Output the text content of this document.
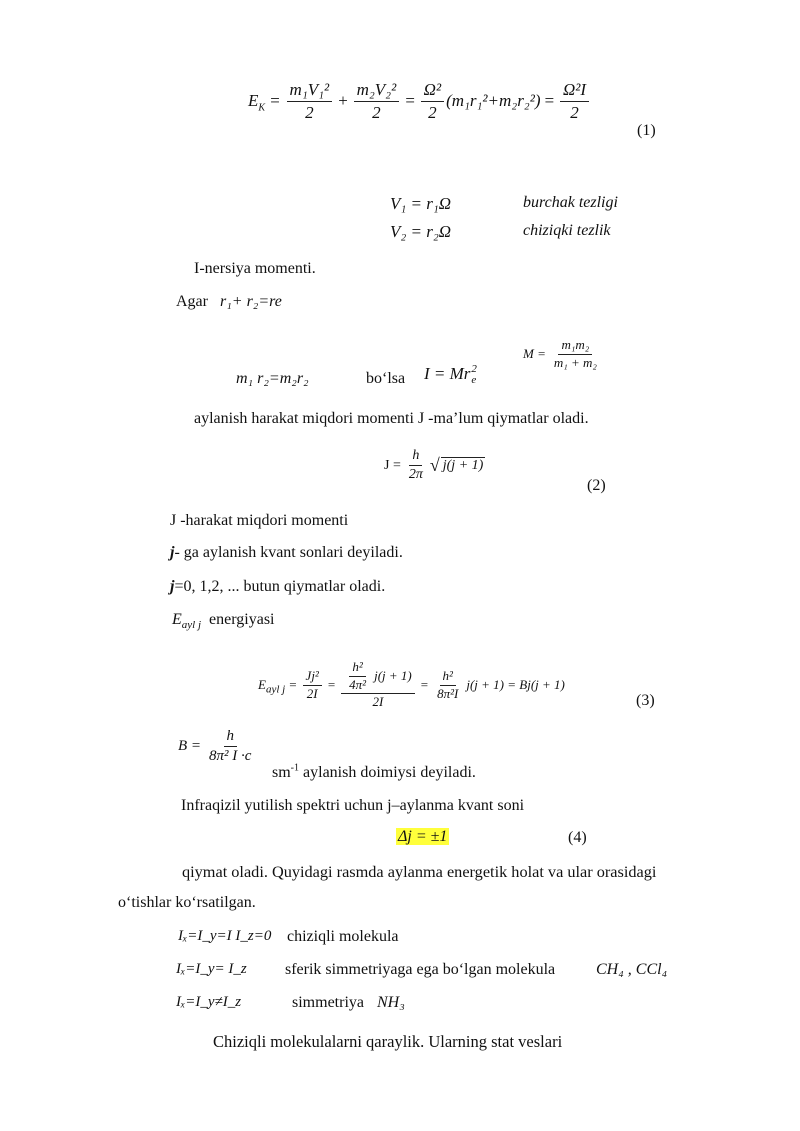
$E_K = \frac{\text{m₁V₁²}}{2} + \frac{\text{m₂V₂²}}{2} = \frac{\text{Ω²}}{2} (m_1r_1^2+m_2r_2^2) = \frac{\text{Ω²I}}{2}$
(1)
V₁ = r₁Ω	burchak tezligi
V₂ = r₂Ω	chiziqki tezlik
I-nersiya momenti.
Agar r₁+ r₂=re
$M = \frac{\text{m₁m₂}}{\text{m₁ + m₂}}$
m₁ r₂=m₂r₂	bo‘lsa I = Mr 2
e
aylanish harakat miqdori momenti J -ma’lum qiymatlar oladi.
$J = \frac{h}{2\pi}$ √ j(j + 1)
(2)
J -harakat miqdori momenti
j- ga aylanish kvant sonlari deyiladi.
j=0, 1,2, ... butun qiymatlar oladi.
$E_{ayl j}$ energiyasi
$E_{ayl j} = \frac{\text{Jj²}}{2I} = \frac{\frac{\text{h²}}{\text{4π²}} j(j + 1)}{2I} = \frac{\text{h²}}{\text{8π²I}} j(j + 1) = Bj(j + 1)$
(3)
$B = \frac{h}{\text{8π² I ·c}}$
$sm^{-1}$ aylanish doimiysi deyiladi.
Infraqizil yutilish spektri uchun j–aylanma kvant soni
Δj = ±1	(4)
qiymat oladi. Quyidagi rasmda aylanma energetik holat va ular orasidagi
o‘tishlar ko‘rsatilgan.
Iₓ=I_y=I I_z=0 chiziqli molekula
Iₓ=I_y= I_z sferik simmetriyaga ega bo‘lgan molekula	CH₄ , CCl₄
Iₓ=I_y≠I_z	simmetriya NH₃
Chiziqli molekulalarni qaraylik. Ularning stat veslari
